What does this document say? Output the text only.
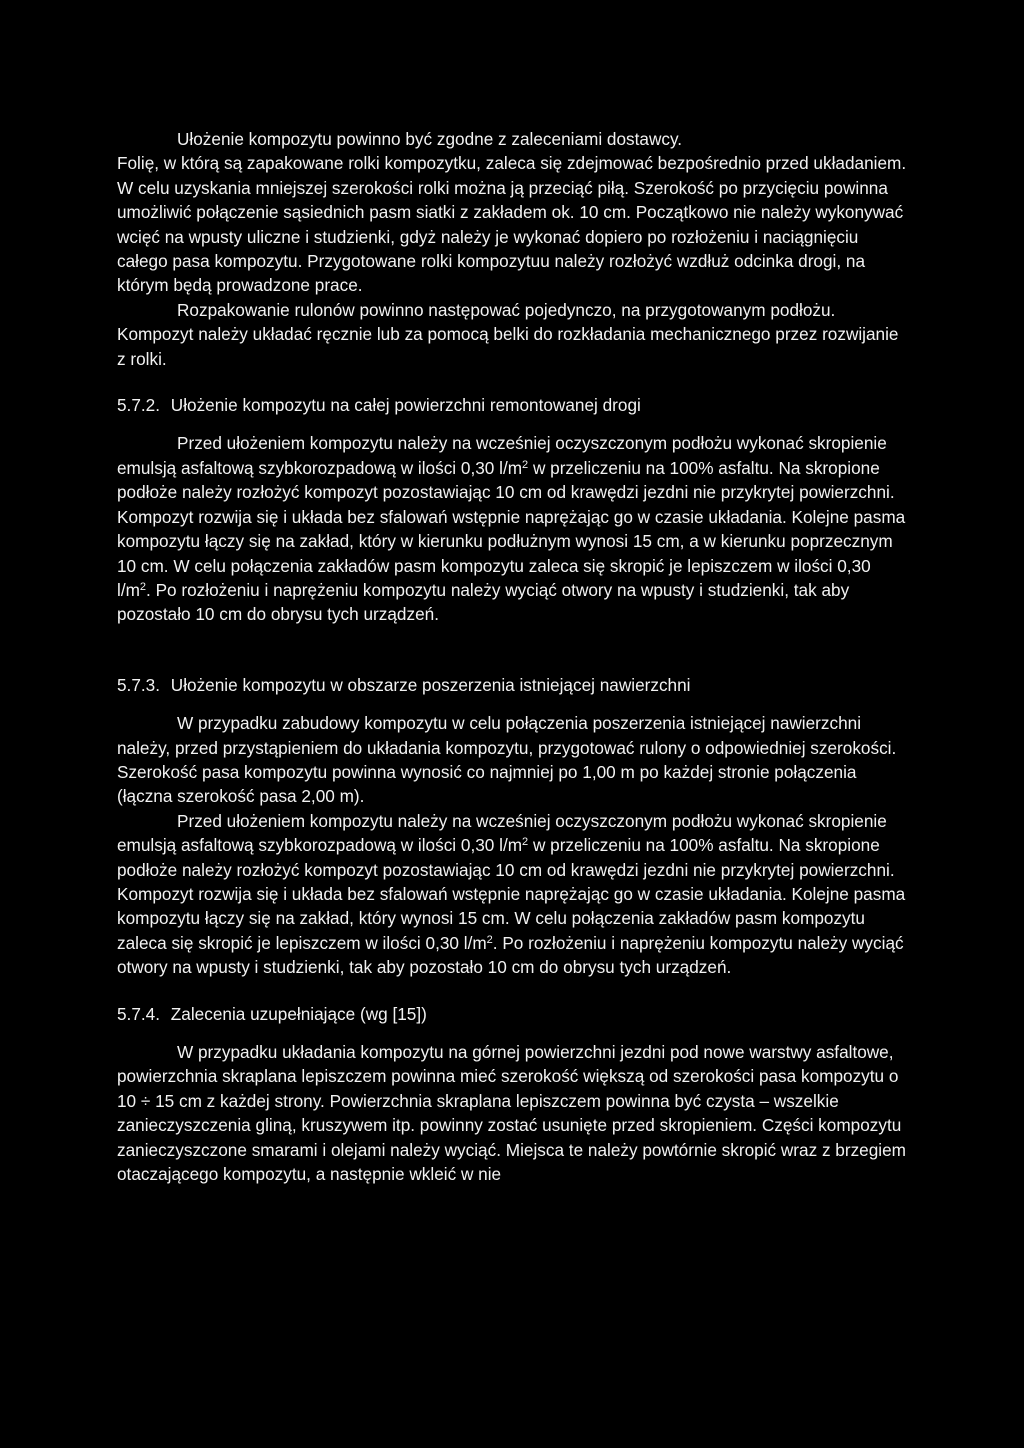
Ułożenie kompozytu powinno być zgodne z zaleceniami dostawcy.

Folię, w którą są zapakowane rolki kompozytku, zaleca się zdejmować bezpośrednio przed układaniem. W celu uzyskania mniejszej szerokości rolki można ją przeciąć piłą. Szerokość po przycięciu powinna umożliwić połączenie sąsiednich pasm siatki z zakładem ok. 10 cm. Początkowo nie należy wykonywać wcięć na wpusty uliczne i studzienki, gdyż należy je wykonać dopiero po rozłożeniu i naciągnięciu całego pasa kompozytu. Przygotowane rolki kompozytuu należy rozłożyć wzdłuż odcinka drogi, na którym będą prowadzone prace.

Rozpakowanie rulonów powinno następować pojedynczo, na przygotowanym podłożu.

Kompozyt należy układać ręcznie lub za pomocą belki do rozkładania mechanicznego przez rozwijanie z rolki.

5.7.2. Ułożenie kompozytu na całej powierzchni remontowanej drogi

Przed ułożeniem kompozytu należy na wcześniej oczyszczonym podłożu wykonać skropienie emulsją asfaltową szybkorozpadową w ilości 0,30 $l/m^2$ w przeliczeniu na 100% asfaltu. Na skropione podłoże należy rozłożyć kompozyt pozostawiając 10 cm od krawędzi jezdni nie przykrytej powierzchni. Kompozyt rozwija się i układa bez sfalowań wstępnie naprężając go w czasie układania. Kolejne pasma kompozytu łączy się na zakład, który w kierunku podłużnym wynosi 15 cm, a w kierunku poprzecznym 10 cm. W celu połączenia zakładów pasm kompozytu zaleca się skropić je lepiszczem w ilości 0,30 $l/m^2$. Po rozłożeniu i naprężeniu kompozytu należy wyciąć otwory na wpusty i studzienki, tak aby pozostało 10 cm do obrysu tych urządzeń.

5.7.3. Ułożenie kompozytu w obszarze poszerzenia istniejącej nawierzchni

W przypadku zabudowy kompozytu w celu połączenia poszerzenia istniejącej nawierzchni należy, przed przystąpieniem do układania kompozytu, przygotować rulony o odpowiedniej szerokości. Szerokość pasa kompozytu powinna wynosić co najmniej po 1,00 m po każdej stronie połączenia (łączna szerokość pasa 2,00 m).

Przed ułożeniem kompozytu należy na wcześniej oczyszczonym podłożu wykonać skropienie emulsją asfaltową szybkorozpadową w ilości 0,30 $l/m^2$ w przeliczeniu na 100% asfaltu. Na skropione podłoże należy rozłożyć kompozyt pozostawiając 10 cm od krawędzi jezdni nie przykrytej powierzchni. Kompozyt rozwija się i układa bez sfalowań wstępnie naprężając go w czasie układania. Kolejne pasma kompozytu łączy się na zakład, który wynosi 15 cm. W celu połączenia zakładów pasm kompozytu zaleca się skropić je lepiszczem w ilości 0,30 $l/m^2$. Po rozłożeniu i naprężeniu kompozytu należy wyciąć otwory na wpusty i studzienki, tak aby pozostało 10 cm do obrysu tych urządzeń.

5.7.4. Zalecenia uzupełniające (wg [15])

W przypadku układania kompozytu na górnej powierzchni jezdni pod nowe warstwy asfaltowe, powierzchnia skraplana lepiszczem powinna mieć szerokość większą od szerokości pasa kompozytu o 10 ÷ 15 cm z każdej strony. Powierzchnia skraplana lepiszczem powinna być czysta – wszelkie zanieczyszczenia gliną, kruszywem itp. powinny zostać usunięte przed skropieniem. Części kompozytu zanieczyszczone smarami i olejami należy wyciąć. Miejsca te należy powtórnie skropić wraz z brzegiem otaczającego kompozytu, a następnie wkleić w nie
